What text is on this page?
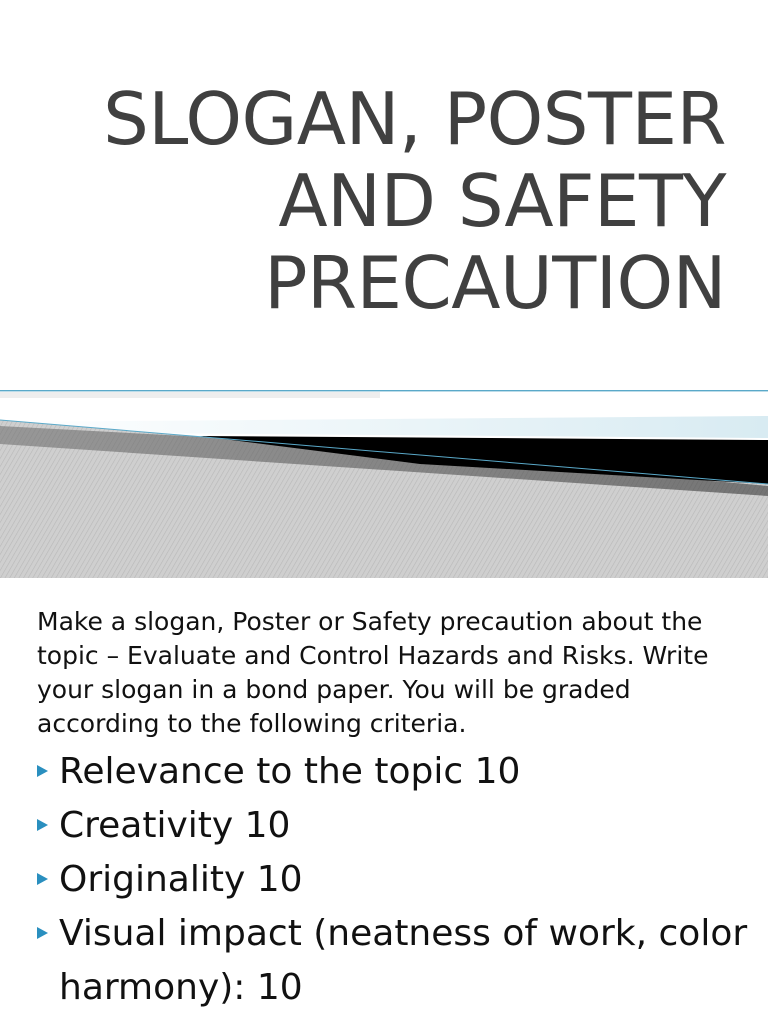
SLOGAN, POSTER
AND SAFETY
PRECAUTION

Make a slogan, Poster or Safety precaution about the topic – Evaluate and Control Hazards and Risks. Write your slogan in a bond paper. You will be graded according to the following criteria.

Relevance to the topic 10
Creativity 10
Originality 10
Visual impact (neatness of work, color harmony): 10
